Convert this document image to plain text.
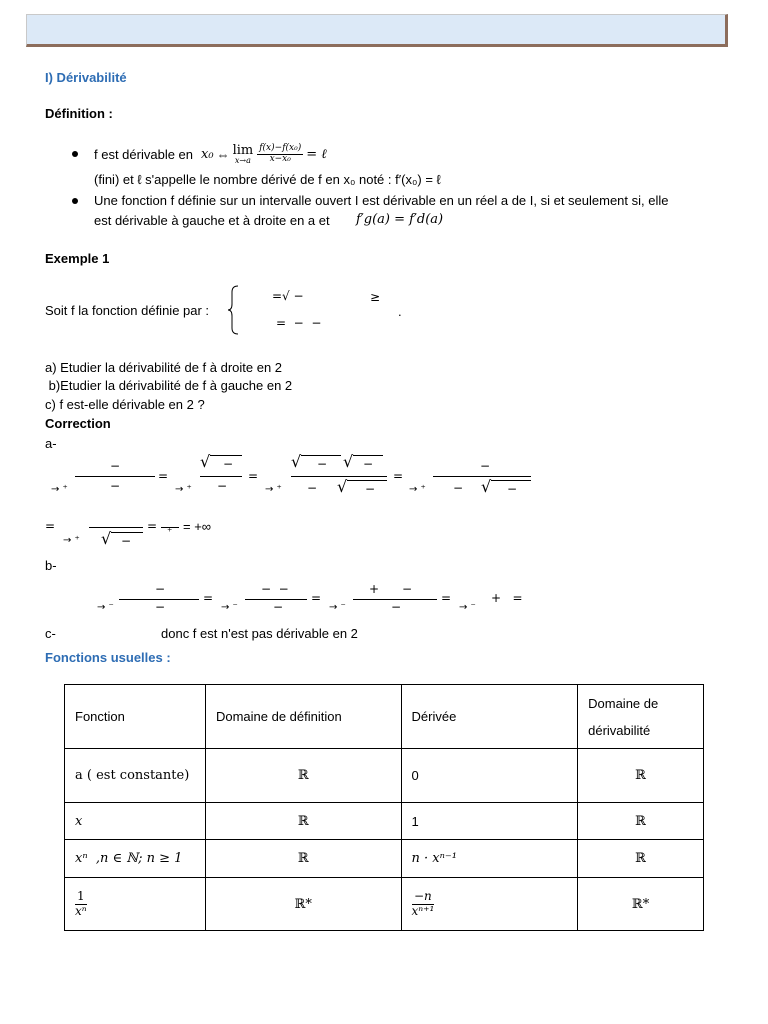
I) Dérivabilité
Définition :
f est dérivable en x₀ ⇔ lim
$x\to a \frac{\text{f(x)−f(x₀)}}{\text{x−x₀}}$ = ℓ
(fini) et ℓ s'appelle le nombre dérivé de f en x₀ noté : f′(x₀) = ℓ
Une fonction f définie sur un intervalle ouvert I est dérivable en un réel a de I, si et seulement si, elle
est dérivable à gauche et à droite en a et f′g(a) = f′d(a)
Exemple 1
Soit f la fonction définie par :
=√ −	≥
=  −  −
.
a) Etudier la dérivabilité de f à droite en 2
b)Etudier la dérivabilité de f à gauche en 2
c) f est-elle dérivable en 2 ?
Correction
a-
→ ⁺
−
−
=
→ ⁺
√ −
−
=
→ ⁺
√ − √ −
− √ −
=
→ ⁺
−
− √ −
=
→ ⁺ √ −
= ⁺ = +∞
b-
→ ⁻
−
−
=
→ ⁻
−  −
−
=
→ ⁻
+      −
−
=
→ ⁻
+   =
c-	donc f est n'est pas dérivable en 2
Fonctions usuelles :
Fonction	Domaine de définition	Dérivée	Domaine de dérivabilité
a ( est constante)	ℝ	0	ℝ
x	ℝ	1	ℝ
xⁿ  ,n ∈ ℕ; n ≥ 1	ℝ	n · xⁿ⁻¹	ℝ

$\frac{1}{\text{xⁿ}}$	ℝ*	$\frac{-n}{\text{xⁿ⁺¹}}$	ℝ*
